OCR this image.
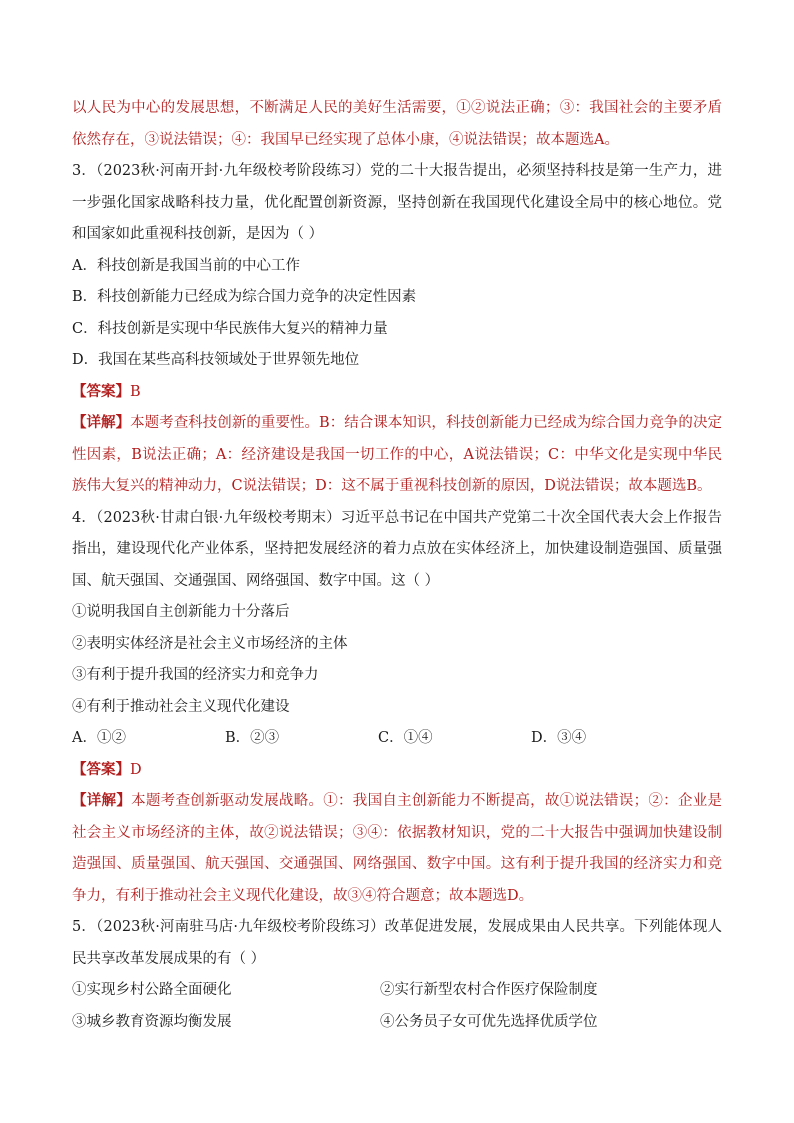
以人民为中心的发展思想，不断满足人民的美好生活需要，①②说法正确；③：我国社会的主要矛盾依然存在，③说法错误；④：我国早已经实现了总体小康，④说法错误；故本题选A。

3．（2023秋·河南开封·九年级校考阶段练习）党的二十大报告提出，必须坚持科技是第一生产力，进一步强化国家战略科技力量，优化配置创新资源，坚持创新在我国现代化建设全局中的核心地位。党和国家如此重视科技创新，是因为（ ）

A．科技创新是我国当前的中心工作

B．科技创新能力已经成为综合国力竞争的决定性因素

C．科技创新是实现中华民族伟大复兴的精神力量

D．我国在某些高科技领域处于世界领先地位

【答案】B

【详解】本题考查科技创新的重要性。B：结合课本知识，科技创新能力已经成为综合国力竞争的决定性因素，B说法正确；A：经济建设是我国一切工作的中心，A说法错误；C：中华文化是实现中华民族伟大复兴的精神动力，C说法错误；D：这不属于重视科技创新的原因，D说法错误；故本题选B。

4．（2023秋·甘肃白银·九年级校考期末）习近平总书记在中国共产党第二十次全国代表大会上作报告指出，建设现代化产业体系，坚持把发展经济的着力点放在实体经济上，加快建设制造强国、质量强国、航天强国、交通强国、网络强国、数字中国。这（ ）

①说明我国自主创新能力十分落后

②表明实体经济是社会主义市场经济的主体

③有利于提升我国的经济实力和竞争力

④有利于推动社会主义现代化建设

A．①②	B．②③	C．①④	D．③④

【答案】D

【详解】本题考查创新驱动发展战略。①：我国自主创新能力不断提高，故①说法错误；②：企业是社会主义市场经济的主体，故②说法错误；③④：依据教材知识，党的二十大报告中强调加快建设制造强国、质量强国、航天强国、交通强国、网络强国、数字中国。这有利于提升我国的经济实力和竞争力，有利于推动社会主义现代化建设，故③④符合题意；故本题选D。

5．（2023秋·河南驻马店·九年级校考阶段练习）改革促进发展，发展成果由人民共享。下列能体现人民共享改革发展成果的有（ ）

①实现乡村公路全面硬化	②实行新型农村合作医疗保险制度
③城乡教育资源均衡发展	④公务员子女可优先选择优质学位
